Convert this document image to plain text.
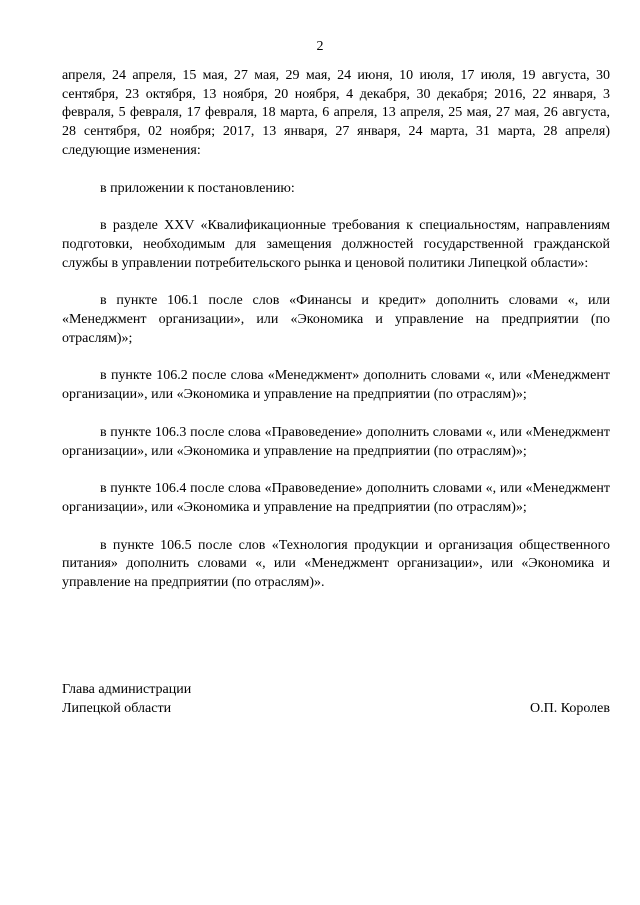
2

апреля, 24 апреля, 15 мая, 27 мая, 29 мая, 24 июня, 10 июля, 17 июля, 19 августа, 30 сентября, 23 октября, 13 ноября, 20 ноября, 4 декабря, 30 декабря; 2016, 22 января, 3 февраля, 5 февраля, 17 февраля, 18 марта, 6 апреля, 13 апреля, 25 мая, 27 мая, 26 августа, 28 сентября, 02 ноября; 2017, 13 января, 27 января, 24 марта, 31 марта, 28 апреля) следующие изменения:

в приложении к постановлению:

в разделе XXV «Квалификационные требования к специальностям, направлениям подготовки, необходимым для замещения должностей государственной гражданской службы в управлении потребительского рынка и ценовой политики Липецкой области»:

в пункте 106.1 после слов «Финансы и кредит» дополнить словами «, или «Менеджмент организации», или «Экономика и управление на предприятии (по отраслям)»;

в пункте 106.2 после слова «Менеджмент» дополнить словами «, или «Менеджмент организации», или «Экономика и управление на предприятии (по отраслям)»;

в пункте 106.3 после слова «Правоведение» дополнить словами «, или «Менеджмент организации», или «Экономика и управление на предприятии (по отраслям)»;

в пункте 106.4 после слова «Правоведение» дополнить словами «, или «Менеджмент организации», или «Экономика и управление на предприятии (по отраслям)»;

в пункте 106.5 после слов «Технология продукции и организация общественного питания» дополнить словами «, или «Менеджмент организации», или «Экономика и управление на предприятии (по отраслям)».

Глава администрации
Липецкой области	О.П. Королев
